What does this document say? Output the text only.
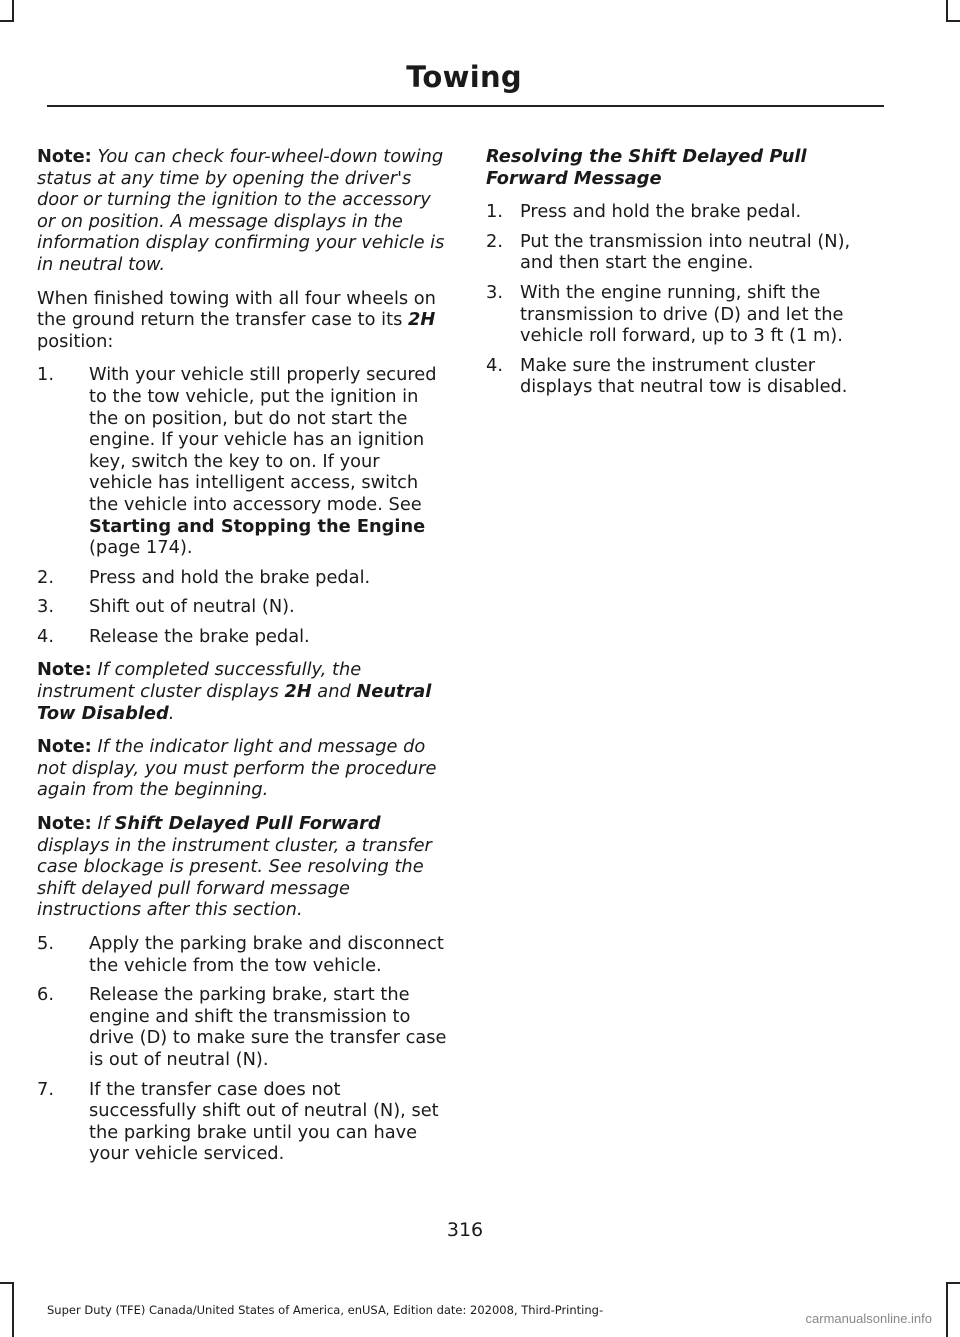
Towing

Note: You can check four-wheel-down towing status at any time by opening the driver's door or turning the ignition to the accessory or on position. A message displays in the information display confirming your vehicle is in neutral tow.

When finished towing with all four wheels on the ground return the transfer case to its 2H position:

1. With your vehicle still properly secured to the tow vehicle, put the ignition in the on position, but do not start the engine. If your vehicle has an ignition key, switch the key to on. If your vehicle has intelligent access, switch the vehicle into accessory mode. See Starting and Stopping the Engine (page 174).
2. Press and hold the brake pedal.
3. Shift out of neutral (N).
4. Release the brake pedal.

Note: If completed successfully, the instrument cluster displays 2H and Neutral Tow Disabled.

Note: If the indicator light and message do not display, you must perform the procedure again from the beginning.

Note: If Shift Delayed Pull Forward displays in the instrument cluster, a transfer case blockage is present. See resolving the shift delayed pull forward message instructions after this section.

5. Apply the parking brake and disconnect the vehicle from the tow vehicle.
6. Release the parking brake, start the engine and shift the transmission to drive (D) to make sure the transfer case is out of neutral (N).
7. If the transfer case does not successfully shift out of neutral (N), set the parking brake until you can have your vehicle serviced.
Resolving the Shift Delayed Pull Forward Message
1. Press and hold the brake pedal.
2. Put the transmission into neutral (N), and then start the engine.
3. With the engine running, shift the transmission to drive (D) and let the vehicle roll forward, up to 3 ft (1 m).
4. Make sure the instrument cluster displays that neutral tow is disabled.
316
Super Duty (TFE) Canada/United States of America, enUSA, Edition date: 202008, Third-Printing-
carmanualsonline.info
